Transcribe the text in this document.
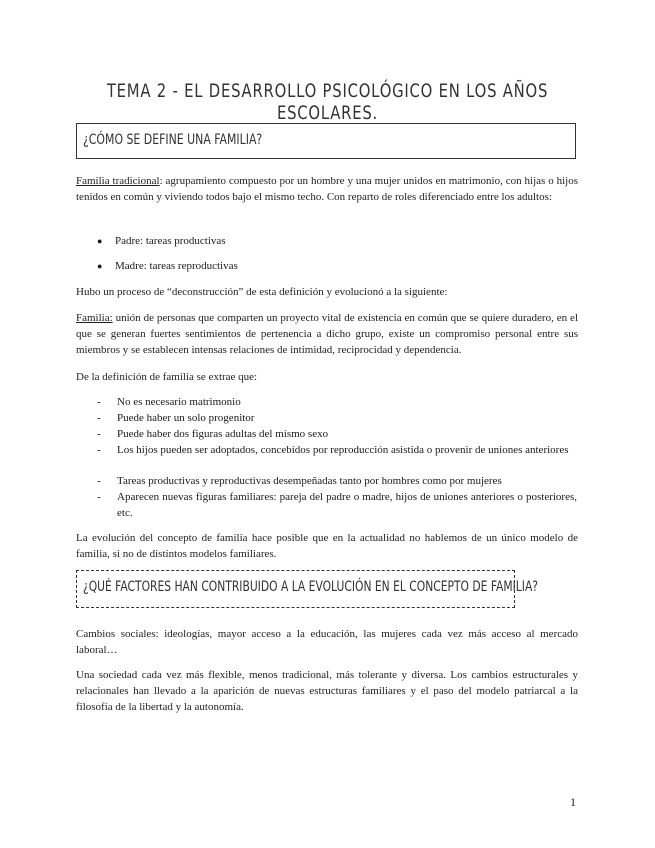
TEMA 2 - EL DESARROLLO PSICOLÓGICO EN LOS AÑOS ESCOLARES.
¿CÓMO SE DEFINE UNA FAMILIA?

Familia tradicional: agrupamiento compuesto por un hombre y una mujer unidos en matrimonio, con hijas o hijos tenidos en común y viviendo todos bajo el mismo techo. Con reparto de roles diferenciado entre los adultos:

● Padre: tareas productivas
● Madre: tareas reproductivas

Hubo un proceso de “deconstrucción” de esta definición y evolucionó a la siguiente:

Familia: unión de personas que comparten un proyecto vital de existencia en común que se quiere duradero, en el que se generan fuertes sentimientos de pertenencia a dicho grupo, existe un compromiso personal entre sus miembros y se establecen intensas relaciones de intimidad, reciprocidad y dependencia.

De la definición de familia se extrae que:

- No es necesario matrimonio
- Puede haber un solo progenitor
- Puede haber dos figuras adultas del mismo sexo
- Los hijos pueden ser adoptados, concebidos por reproducción asistida o provenir de uniones anteriores
- Tareas productivas y reproductivas desempeñadas tanto por hombres como por mujeres
- Aparecen nuevas figuras familiares: pareja del padre o madre, hijos de uniones anteriores o posteriores, etc.

La evolución del concepto de familia hace posible que en la actualidad no hablemos de un único modelo de familia, si no de distintos modelos familiares.

¿QUÉ FACTORES HAN CONTRIBUIDO A LA EVOLUCIÓN EN EL CONCEPTO DE FAMILIA?

Cambios sociales: ideologías, mayor acceso a la educación, las mujeres cada vez más acceso al mercado laboral…

Una sociedad cada vez más flexible, menos tradicional, más tolerante y diversa. Los cambios estructurales y relacionales han llevado a la aparición de nuevas estructuras familiares y el paso del modelo patriarcal a la filosofía de la libertad y la autonomía.

1
